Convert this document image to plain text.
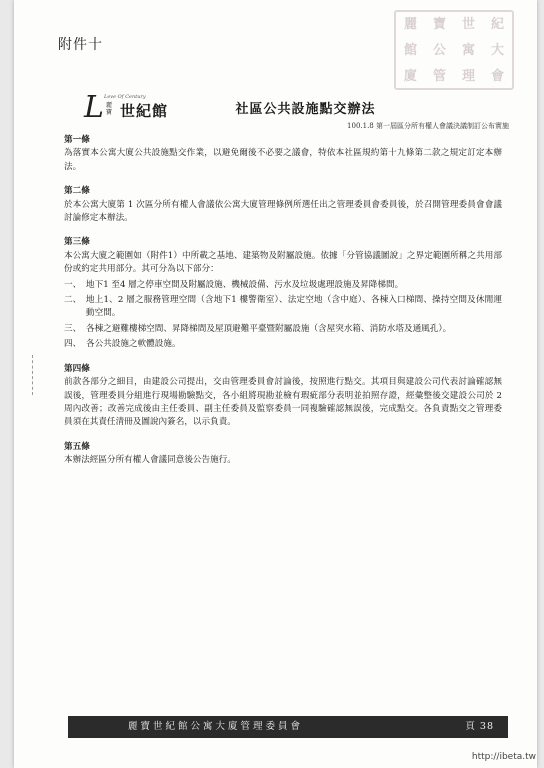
附件十
麗	寶	世	紀
館	公	寓	大
廈	管	理	會
L Leve Of Century
麗寶 世紀館	社區公共設施點交辦法
100.1.8 第一屆區分所有權人會議決議制訂公布實施
第一條
為落實本公寓大廈公共設施點交作業，以避免爾後不必要之議會，特依本社區規約第十九條第二款之規定訂定本辦法。
第二條
於本公寓大廈第 1 次區分所有權人會議依公寓大廈管理條例所選任出之管理委員會委員後，於召開管理委員會會議討論修定本辦法。
第三條
本公寓大廈之範圍如（附件1）中所載之基地、建築物及附屬設施。依據「分管協議圖說」之界定範圍所稱之共用部份或約定共用部分。其可分為以下部分：
一、 地下1 至4 層之停車空間及附屬設施、機械設備、污水及垃圾處理設施及昇降梯間。
二、 地上1、2 層之服務管理空間（含地下1 樓警衛室）、法定空地（含中庭）、各棟入口梯間、操持空間及休閒運動空間。
三、 各棟之避難樓梯空間、昇降梯間及屋頂避難平臺暨附屬設施（含屋突水箱、消防水塔及通風孔）。
四、 各公共設施之軟體設施。
第四條
前款各部分之細目，由建設公司提出，交由管理委員會討論後，按照進行點交。其項目與建設公司代表討論確認無誤後，管理委員分組進行現場勘驗點交，各小組將現勘並檢有瑕疵部分表明並拍照存證，經彙整後交建設公司於 2 周內改善；改善完成後由主任委員、副主任委員及監察委員一同複驗確認無誤後，完成點交。各負責點交之管理委員須在其責任清冊及圖說內簽名，以示負責。
第五條
本辦法經區分所有權人會議同意後公告施行。
麗寶世紀館公寓大廈管理委員會	頁 38
http://ibeta.tw
